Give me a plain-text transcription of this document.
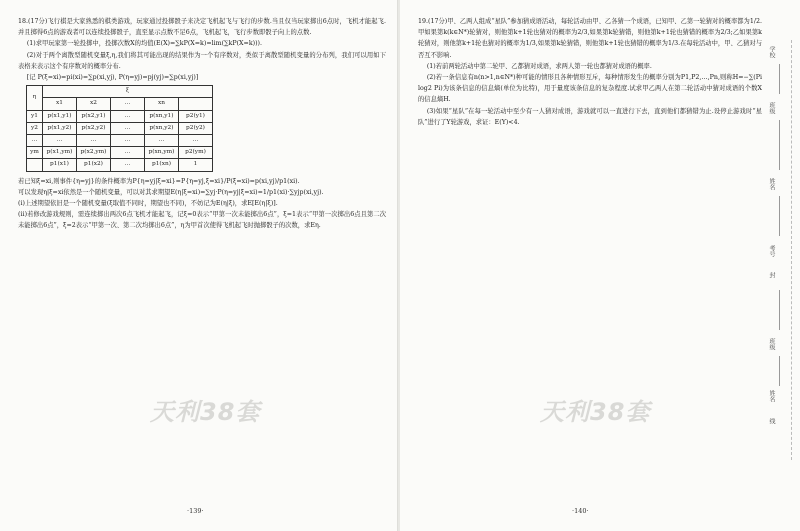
18.(17分)飞行棋是大家熟悉的棋类游戏，玩家通过投掷骰子来决定飞机起飞与飞行的步数.当且仅当玩家掷出6点时，飞机才能起飞.并且掷得6点的游戏者可以连续投掷骰子，直至显示点数不足6点，飞机起飞，飞行步数即骰子向上的点数.

(1)求甲玩家第一轮投掷中，投掷次数X的均值(E(X)=∑kP(X=k)=lim(∑kP(X=k))).

(2)对于两个离散型随机变量ξ,η,我们将其可能出现的结果作为一个有序数对，类似于离散型随机变量的分布列，我们可以用如下表格来表示这个有序数对的概率分布.

[记 P(ξ=xi)=pi(xi)=∑p(xi,yj), P(η=yj)=pj(yj)=∑p(xi,yj)]

η	ξ				
	x1	x2	…	xn	
y1	p(x1,y1)	p(x2,y1)	…	p(xn,y1)	p2(y1)
y2	p(x1,y2)	p(x2,y2)	…	p(xn,y2)	p2(y2)
…	…	…	…	…	…
ym	p(x1,ym)	p(x2,ym)	…	p(xn,ym)	p2(ym)
	p1(x1)	p1(x2)	…	p1(xn)	1

若已知ξ=xi,则事件{η=yj}的条件概率为P{η=yj|ξ=xi}=P{η=yj,ξ=xi}/P(ξ=xi)=p(xi,yj)/p1(xi).

可以发现η|ξ=xi依然是一个随机变量，可以对其求期望E(η|ξ=xi)=∑yj·P(η=yj|ξ=xi)=1/p1(xi)·∑yjp(xi,yj).

(ⅰ)上述期望依旧是一个随机变量(ξ取值不同时，期望也不同)，不妨记为E(η|ξ)，求E[E(η|ξ)].

(ⅱ)若修改游戏规则，需连续掷出两次6点飞机才能起飞，记ξ=0表示“甲第一次未能掷出6点”，ξ=1表示“甲第一次掷出6点且第二次未能掷出6点”，ξ=2表示“甲第一次、第二次均掷出6点”，η为甲首次使得飞机起飞时抛掷骰子的次数，求Eη.

天利38套
·139·

19.(17分)甲、乙两人组成“星队”参加猜成语活动，每轮活动由甲、乙各猜一个成语，已知甲、乙第一轮猜对的概率都为1/2.甲如果第k(k∈N*)轮猜对，则他第k+1轮也猜对的概率为2/3,如果第k轮猜错，则他第k+1轮也猜错的概率为2/3;乙如果第k轮猜对，则他第k+1轮也猜对的概率为1/3,如果第k轮猜错，则他第k+1轮也猜错的概率为1/3.在每轮活动中，甲、乙猜对与否互不影响.

(1)若前两轮活动中第二轮甲、乙都猜对成语，求两人第一轮也都猜对成语的概率.

(2)若一条信息有n(n>1,n∈N*)种可能的情形且各种情形互斥，每种情形发生的概率分别为P1,P2,…,Pn,则称H=−∑(Pi log2 Pi)为该条信息的信息熵(单位为比特)，用于量度该条信息的复杂程度.试求甲乙两人在第二轮活动中猜对成语的个数X的信息熵H.

(3)如果“星队”在每一轮活动中至少有一人猜对成语，游戏就可以一直进行下去，直到他们都猜错为止.设停止游戏时“星队”进行了Y轮游戏，求证：E(Y)<4.

天利38套
·140·
学校
班级
姓名
考号
封
班级
姓名
线
